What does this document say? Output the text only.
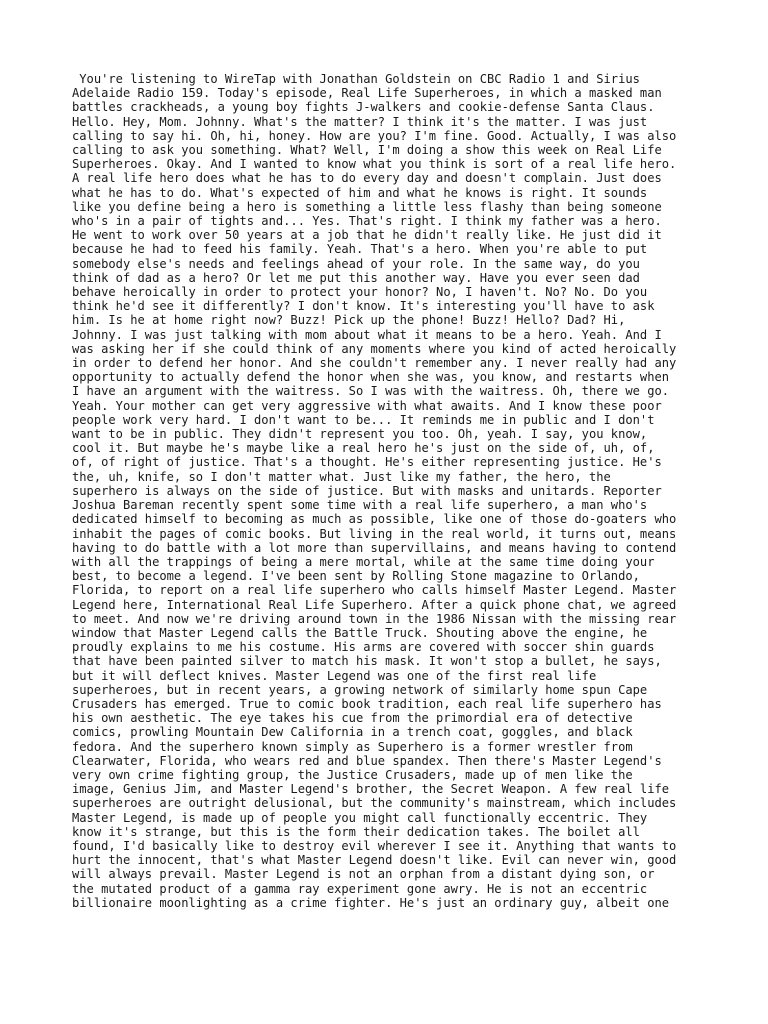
You're listening to WireTap with Jonathan Goldstein on CBC Radio 1 and Sirius
Adelaide Radio 159. Today's episode, Real Life Superheroes, in which a masked man
battles crackheads, a young boy fights J-walkers and cookie-defense Santa Claus.
Hello. Hey, Mom. Johnny. What's the matter? I think it's the matter. I was just
calling to say hi. Oh, hi, honey. How are you? I'm fine. Good. Actually, I was also
calling to ask you something. What? Well, I'm doing a show this week on Real Life
Superheroes. Okay. And I wanted to know what you think is sort of a real life hero.
A real life hero does what he has to do every day and doesn't complain. Just does
what he has to do. What's expected of him and what he knows is right. It sounds
like you define being a hero is something a little less flashy than being someone
who's in a pair of tights and... Yes. That's right. I think my father was a hero.
He went to work over 50 years at a job that he didn't really like. He just did it
because he had to feed his family. Yeah. That's a hero. When you're able to put
somebody else's needs and feelings ahead of your role. In the same way, do you
think of dad as a hero? Or let me put this another way. Have you ever seen dad
behave heroically in order to protect your honor? No, I haven't. No? No. Do you
think he'd see it differently? I don't know. It's interesting you'll have to ask
him. Is he at home right now? Buzz! Pick up the phone! Buzz! Hello? Dad? Hi,
Johnny. I was just talking with mom about what it means to be a hero. Yeah. And I
was asking her if she could think of any moments where you kind of acted heroically
in order to defend her honor. And she couldn't remember any. I never really had any
opportunity to actually defend the honor when she was, you know, and restarts when
I have an argument with the waitress. So I was with the waitress. Oh, there we go.
Yeah. Your mother can get very aggressive with what awaits. And I know these poor
people work very hard. I don't want to be... It reminds me in public and I don't
want to be in public. They didn't represent you too. Oh, yeah. I say, you know,
cool it. But maybe he's maybe like a real hero he's just on the side of, uh, of,
of, of right of justice. That's a thought. He's either representing justice. He's
the, uh, knife, so I don't matter what. Just like my father, the hero, the
superhero is always on the side of justice. But with masks and unitards. Reporter
Joshua Bareman recently spent some time with a real life superhero, a man who's
dedicated himself to becoming as much as possible, like one of those do-goaters who
inhabit the pages of comic books. But living in the real world, it turns out, means
having to do battle with a lot more than supervillains, and means having to contend
with all the trappings of being a mere mortal, while at the same time doing your
best, to become a legend. I've been sent by Rolling Stone magazine to Orlando,
Florida, to report on a real life superhero who calls himself Master Legend. Master
Legend here, International Real Life Superhero. After a quick phone chat, we agreed
to meet. And now we're driving around town in the 1986 Nissan with the missing rear
window that Master Legend calls the Battle Truck. Shouting above the engine, he
proudly explains to me his costume. His arms are covered with soccer shin guards
that have been painted silver to match his mask. It won't stop a bullet, he says,
but it will deflect knives. Master Legend was one of the first real life
superheroes, but in recent years, a growing network of similarly home spun Cape
Crusaders has emerged. True to comic book tradition, each real life superhero has
his own aesthetic. The eye takes his cue from the primordial era of detective
comics, prowling Mountain Dew California in a trench coat, goggles, and black
fedora. And the superhero known simply as Superhero is a former wrestler from
Clearwater, Florida, who wears red and blue spandex. Then there's Master Legend's
very own crime fighting group, the Justice Crusaders, made up of men like the
image, Genius Jim, and Master Legend's brother, the Secret Weapon. A few real life
superheroes are outright delusional, but the community's mainstream, which includes
Master Legend, is made up of people you might call functionally eccentric. They
know it's strange, but this is the form their dedication takes. The boilet all
found, I'd basically like to destroy evil wherever I see it. Anything that wants to
hurt the innocent, that's what Master Legend doesn't like. Evil can never win, good
will always prevail. Master Legend is not an orphan from a distant dying son, or
the mutated product of a gamma ray experiment gone awry. He is not an eccentric
billionaire moonlighting as a crime fighter. He's just an ordinary guy, albeit one
